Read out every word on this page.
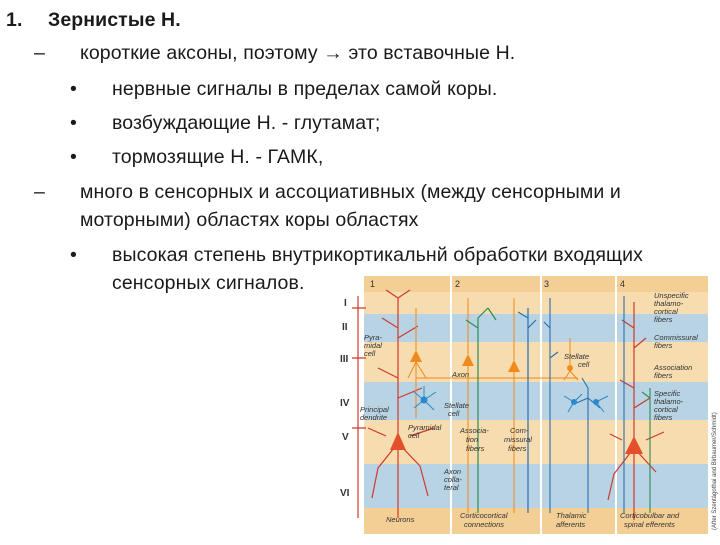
1. Зернистые Н.
– короткие аксоны, поэтому → это вставочные Н.
• нервные сигналы в пределах самой коры.
• возбуждающие Н. - глутамат;
• тормозящие Н. - ГАМК,
– много в сенсорных и ассоциативных (между сенсорными и
моторными) областях коры областях
• высокая степень внутрикортикальнй обработки входящих
сенсорных сигналов.
I
II
III
IV
V
VI
1	2	3	4
Pyra-
midal
cell
Axon
Stellate
cell
Principal
dendrite
Stellate
cell
Pyramidal
cell
Associa-
tion
fibers
Com-
missural
fibers
Axon
colla-
teral
Unspecific
thalamo-
cortical
fibers
Commissural
fibers
Association
fibers
Specific
thalamo-
cortical
fibers
Neurons	Corticocortical
connections
Thalamic
afferents
Corticobulbar and
spinal efferents	(After Szentágothai and Birbaumer/Schmidt)
